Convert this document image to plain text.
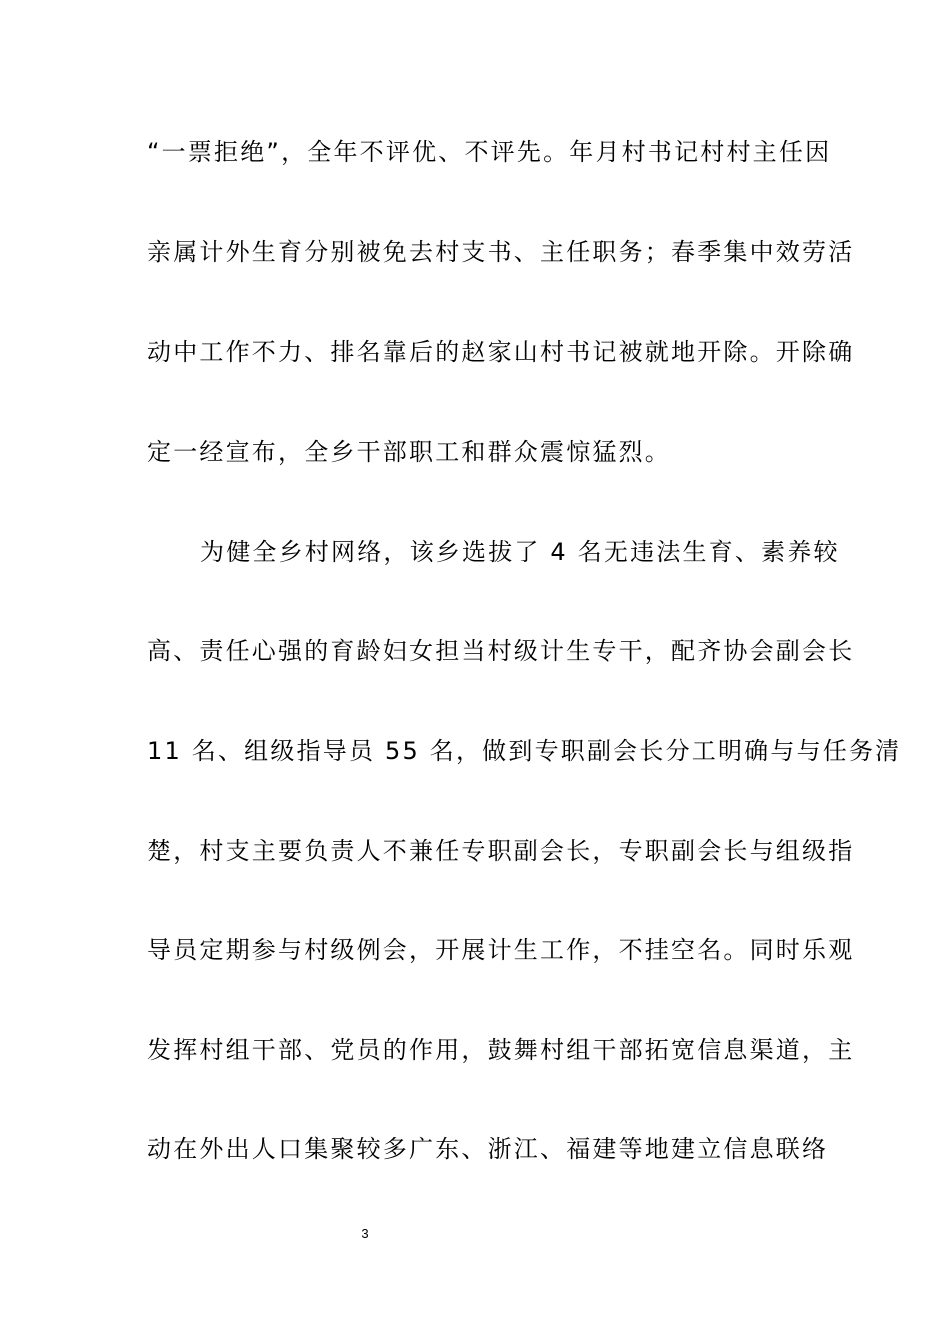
“一票拒绝”，全年不评优、不评先。年月村书记村村主任因
亲属计外生育分别被免去村支书、主任职务；春季集中效劳活
动中工作不力、排名靠后的赵家山村书记被就地开除。开除确
定一经宣布，全乡干部职工和群众震惊猛烈。
为健全乡村网络，该乡选拔了 4 名无违法生育、素养较
高、责任心强的育龄妇女担当村级计生专干，配齐协会副会长
11 名、组级指导员 55 名，做到专职副会长分工明确与与任务清
楚，村支主要负责人不兼任专职副会长，专职副会长与组级指
导员定期参与村级例会，开展计生工作，不挂空名。同时乐观
发挥村组干部、党员的作用，鼓舞村组干部拓宽信息渠道，主
动在外出人口集聚较多广东、浙江、福建等地建立信息联络
3
